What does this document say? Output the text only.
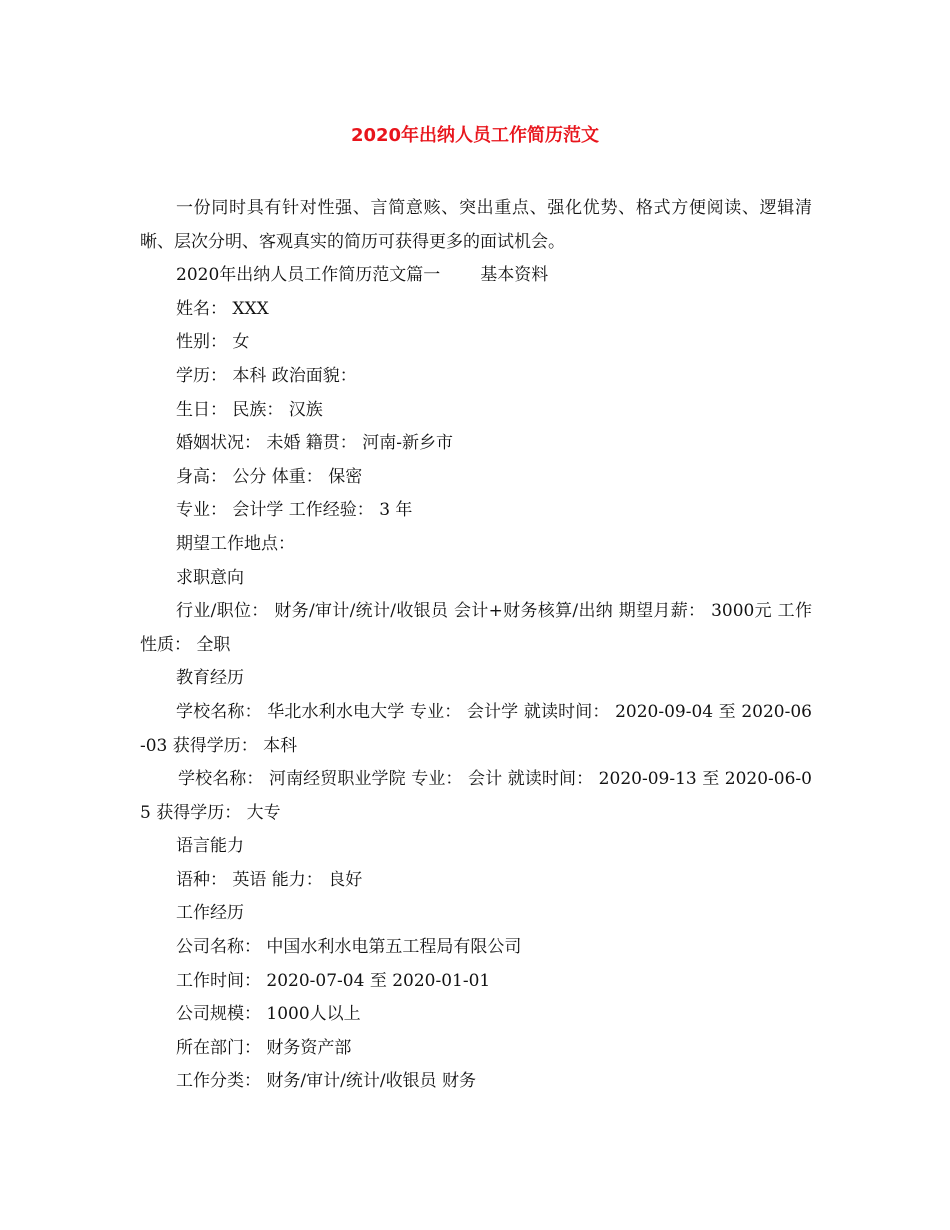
2020年出纳人员工作简历范文

一份同时具有针对性强、言简意赅、突出重点、强化优势、格式方便阅读、逻辑清晰、层次分明、客观真实的简历可获得更多的面试机会。

2020年出纳人员工作简历范文篇一 基本资料
姓名： XXX
性别： 女
学历： 本科 政治面貌：
生日： 民族： 汉族
婚姻状况： 未婚 籍贯： 河南-新乡市
身高： 公分 体重： 保密
专业： 会计学 工作经验： 3 年
期望工作地点：
求职意向

行业/职位： 财务/审计/统计/收银员 会计+财务核算/出纳 期望月薪： 3000元 工作性质： 全职

教育经历

学校名称： 华北水利水电大学 专业： 会计学 就读时间： 2020-09-04 至 2020-06-03 获得学历： 本科

学校名称： 河南经贸职业学院 专业： 会计 就读时间： 2020-09-13 至 2020-06-05 获得学历： 大专

语言能力
语种： 英语 能力： 良好
工作经历
公司名称： 中国水利水电第五工程局有限公司
工作时间： 2020-07-04 至 2020-01-01
公司规模： 1000人以上
所在部门： 财务资产部
工作分类： 财务/审计/统计/收银员 财务
